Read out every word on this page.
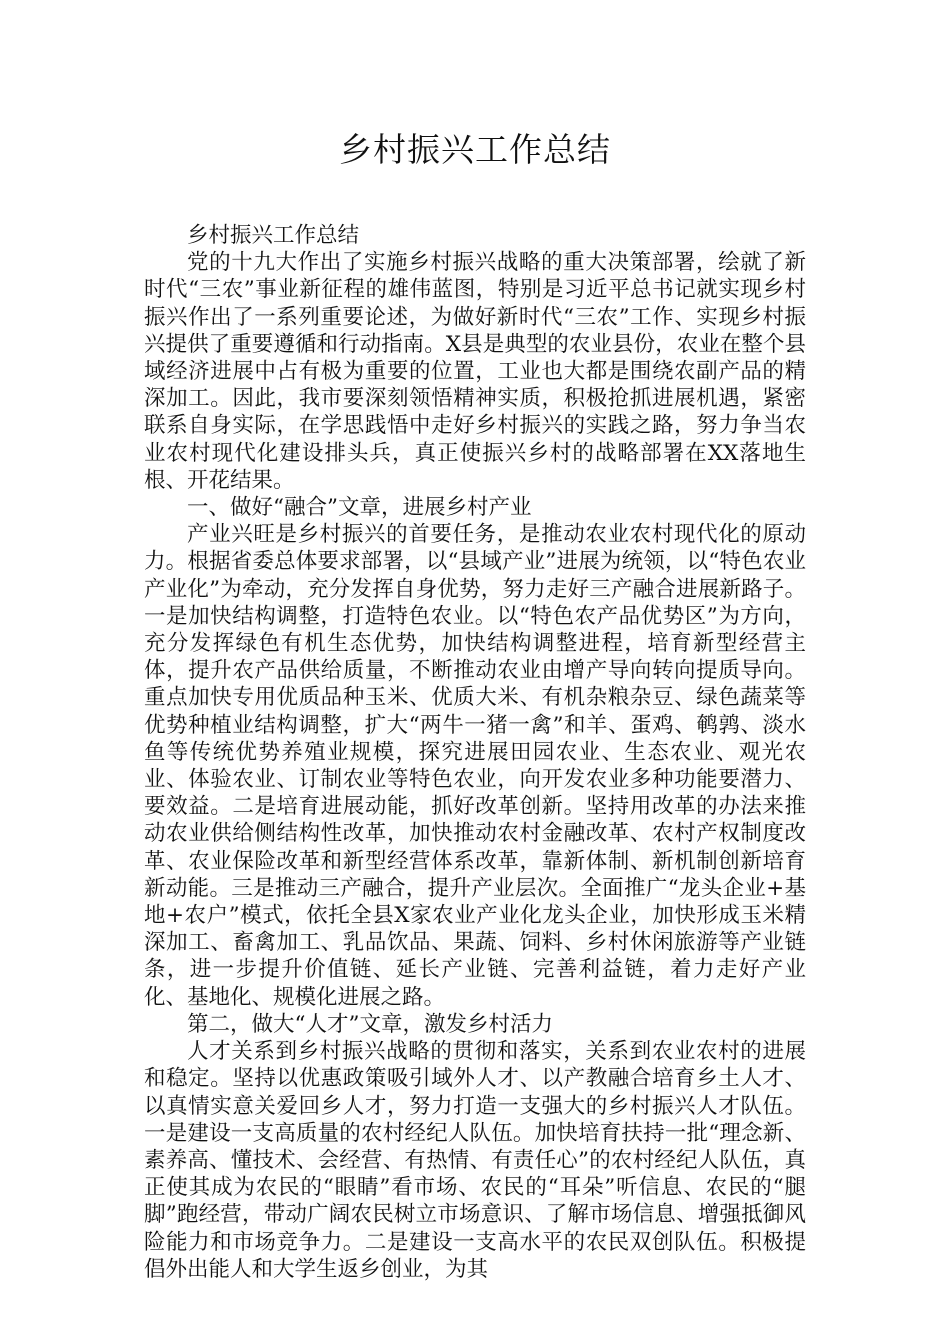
乡村振兴工作总结

乡村振兴工作总结

党的十九大作出了实施乡村振兴战略的重大决策部署，绘就了新时代“三农”事业新征程的雄伟蓝图，特别是习近平总书记就实现乡村振兴作出了一系列重要论述，为做好新时代“三农”工作、实现乡村振兴提供了重要遵循和行动指南。X县是典型的农业县份，农业在整个县域经济进展中占有极为重要的位置，工业也大都是围绕农副产品的精深加工。因此，我市要深刻领悟精神实质，积极抢抓进展机遇，紧密联系自身实际，在学思践悟中走好乡村振兴的实践之路，努力争当农业农村现代化建设排头兵，真正使振兴乡村的战略部署在XX落地生根、开花结果。

一、做好“融合”文章，进展乡村产业

产业兴旺是乡村振兴的首要任务，是推动农业农村现代化的原动力。根据省委总体要求部署，以“县域产业”进展为统领，以“特色农业产业化”为牵动，充分发挥自身优势，努力走好三产融合进展新路子。一是加快结构调整，打造特色农业。以“特色农产品优势区”为方向，充分发挥绿色有机生态优势，加快结构调整进程，培育新型经营主体，提升农产品供给质量，不断推动农业由增产导向转向提质导向。重点加快专用优质品种玉米、优质大米、有机杂粮杂豆、绿色蔬菜等优势种植业结构调整，扩大“两牛一猪一禽”和羊、蛋鸡、鹌鹑、淡水鱼等传统优势养殖业规模，探究进展田园农业、生态农业、观光农业、体验农业、订制农业等特色农业，向开发农业多种功能要潜力、要效益。二是培育进展动能，抓好改革创新。坚持用改革的办法来推动农业供给侧结构性改革，加快推动农村金融改革、农村产权制度改革、农业保险改革和新型经营体系改革，靠新体制、新机制创新培育新动能。三是推动三产融合，提升产业层次。全面推广“龙头企业+基地+农户”模式，依托全县X家农业产业化龙头企业，加快形成玉米精深加工、畜禽加工、乳品饮品、果蔬、饲料、乡村休闲旅游等产业链条，进一步提升价值链、延长产业链、完善利益链，着力走好产业化、基地化、规模化进展之路。

第二，做大“人才”文章，激发乡村活力

人才关系到乡村振兴战略的贯彻和落实，关系到农业农村的进展和稳定。坚持以优惠政策吸引域外人才、以产教融合培育乡土人才、以真情实意关爱回乡人才，努力打造一支强大的乡村振兴人才队伍。一是建设一支高质量的农村经纪人队伍。加快培育扶持一批“理念新、素养高、懂技术、会经营、有热情、有责任心”的农村经纪人队伍，真正使其成为农民的“眼睛”看市场、农民的“耳朵”听信息、农民的“腿脚”跑经营，带动广阔农民树立市场意识、了解市场信息、增强抵御风险能力和市场竞争力。二是建设一支高水平的农民双创队伍。积极提倡外出能人和大学生返乡创业，为其
